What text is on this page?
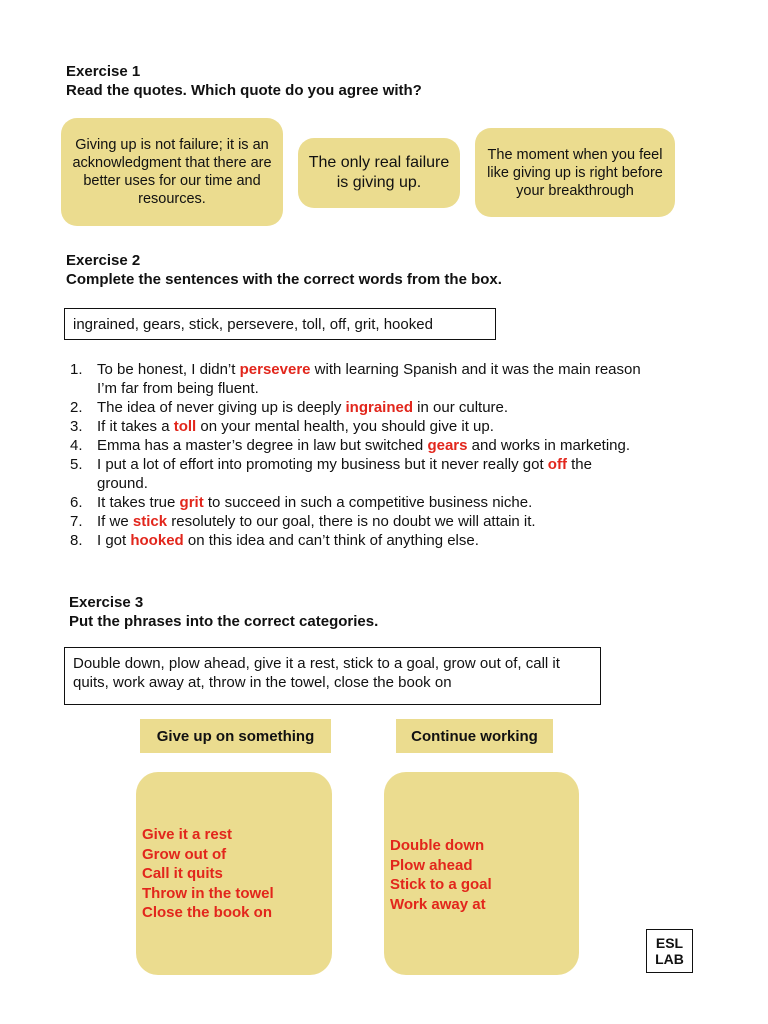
Exercise 1
Read the quotes. Which quote do you agree with?
Giving up is not failure; it is an acknowledgment that there are better uses for our time and resources.
The only real failure is giving up.
The moment when you feel like giving up is right before your breakthrough
Exercise 2
Complete the sentences with the correct words from the box.
ingrained, gears, stick, persevere, toll, off, grit, hooked
1. To be honest, I didn’t persevere with learning Spanish and it was the main reason I’m far from being fluent.
2. The idea of never giving up is deeply ingrained in our culture.
3. If it takes a toll on your mental health, you should give it up.
4. Emma has a master’s degree in law but switched gears and works in marketing.
5. I put a lot of effort into promoting my business but it never really got off the ground.
6. It takes true grit to succeed in such a competitive business niche.
7. If we stick resolutely to our goal, there is no doubt we will attain it.
8. I got hooked on this idea and can’t think of anything else.
Exercise 3
Put the phrases into the correct categories.
Double down, plow ahead, give it a rest, stick to a goal, grow out of, call it quits, work away at, throw in the towel, close the book on
Give up on something	Continue working
Give it a rest
Grow out of
Call it quits
Throw in the towel
Close the book on
Double down
Plow ahead
Stick to a goal
Work away at
ESL
LAB
